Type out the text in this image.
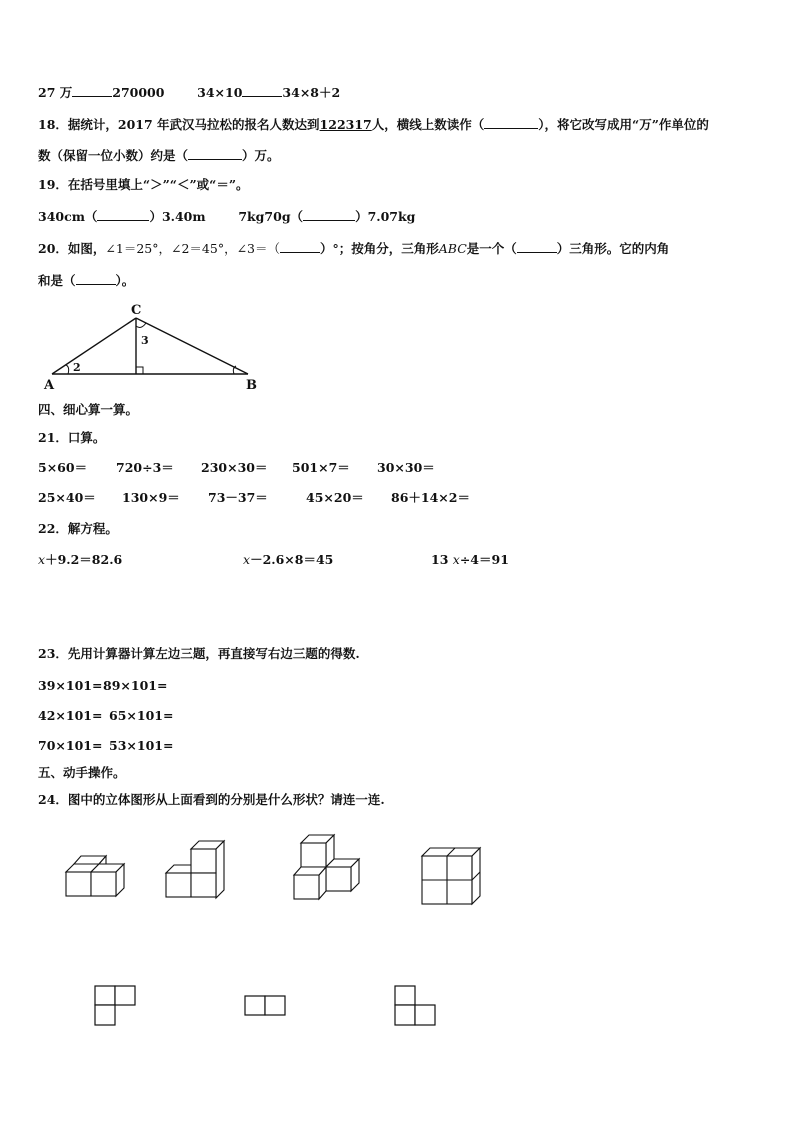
27 万	270000	34×10	34×8＋2
18．据统计，2017 年武汉马拉松的报名人数达到122317人，横线上数读作（	），将它改写成用“万”作单位的
数（保留一位小数）约是（	）万。
19．在括号里填上“＞”“＜”或“＝”。
340cm（	）3.40m	7kg70g（	）7.07kg
20．如图，∠1＝25°，∠2＝45°，∠3＝（	）°；按角分，三角形ABC是一个（	）三角形。它的内角
和是（	）。
C
A	B
3
2
四、细心算一算。
21．口算。
5×60＝ 720÷3＝ 230×30＝ 501×7＝ 30×30＝
25×40＝ 130×9＝ 73－37＝	45×20＝ 86＋14×2＝
22．解方程。
x＋9.2＝82.6	x－2.6×8＝45	13 x÷4＝91
23．先用计算器计算左边三题，再直接写右边三题的得数.
39×101= 89×101=
42×101= 65×101=
70×101= 53×101=
五、动手操作。
24．图中的立体图形从上面看到的分别是什么形状？请连一连.
